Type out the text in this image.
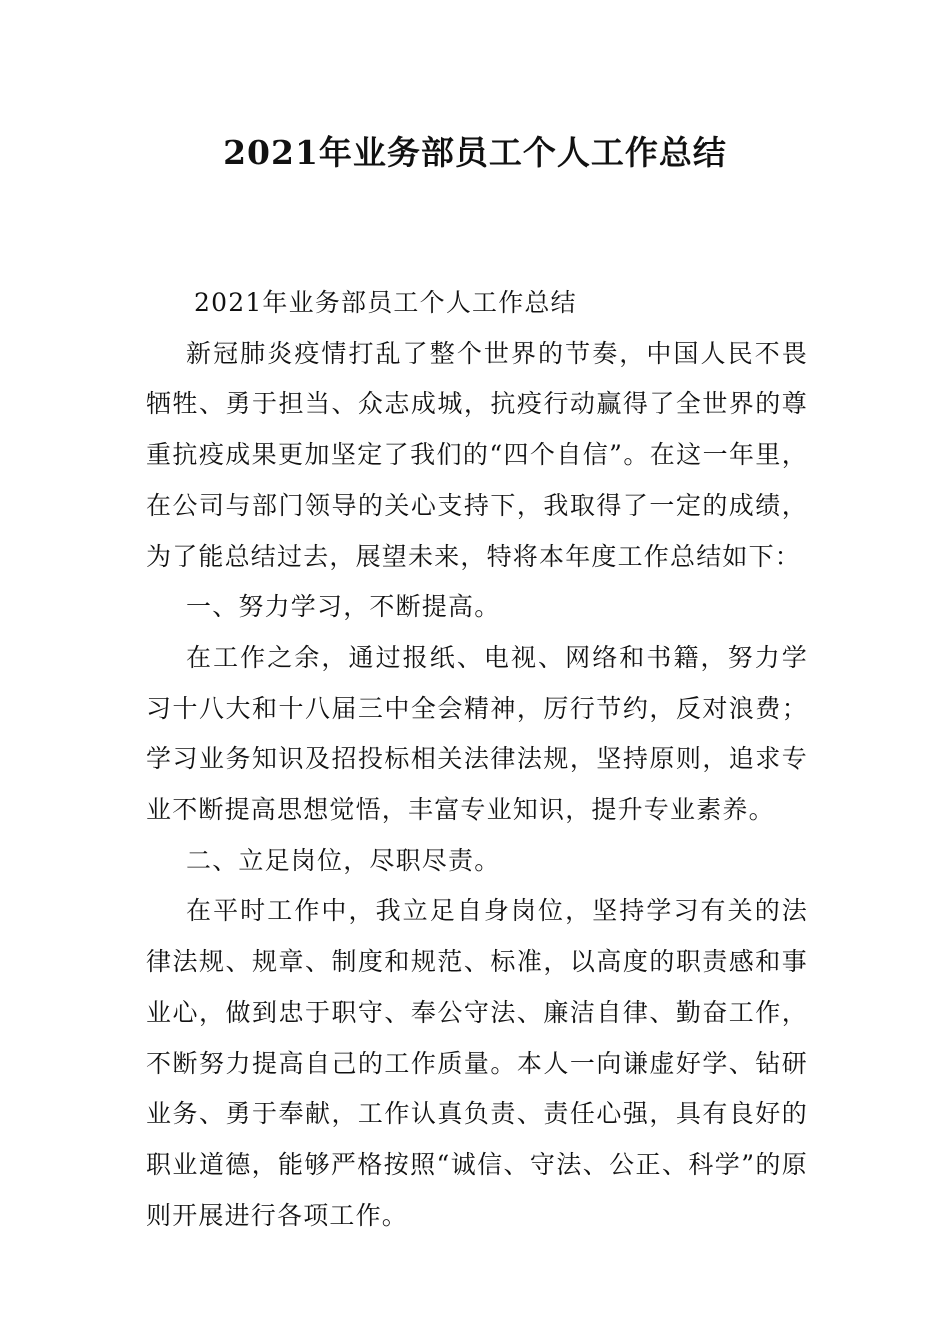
2021年业务部员工个人工作总结

2021年业务部员工个人工作总结

新冠肺炎疫情打乱了整个世界的节奏，中国人民不畏牺牲、勇于担当、众志成城，抗疫行动赢得了全世界的尊重抗疫成果更加坚定了我们的“四个自信”。在这一年里，在公司与部门领导的关心支持下，我取得了一定的成绩，为了能总结过去，展望未来，特将本年度工作总结如下：

一、努力学习，不断提高。

在工作之余，通过报纸、电视、网络和书籍，努力学习十八大和十八届三中全会精神，厉行节约，反对浪费；学习业务知识及招投标相关法律法规，坚持原则，追求专业不断提高思想觉悟，丰富专业知识，提升专业素养。

二、立足岗位，尽职尽责。

在平时工作中，我立足自身岗位，坚持学习有关的法律法规、规章、制度和规范、标准，以高度的职责感和事业心，做到忠于职守、奉公守法、廉洁自律、勤奋工作，不断努力提高自己的工作质量。本人一向谦虚好学、钻研业务、勇于奉献，工作认真负责、责任心强，具有良好的职业道德，能够严格按照“诚信、守法、公正、科学”的原则开展进行各项工作。
